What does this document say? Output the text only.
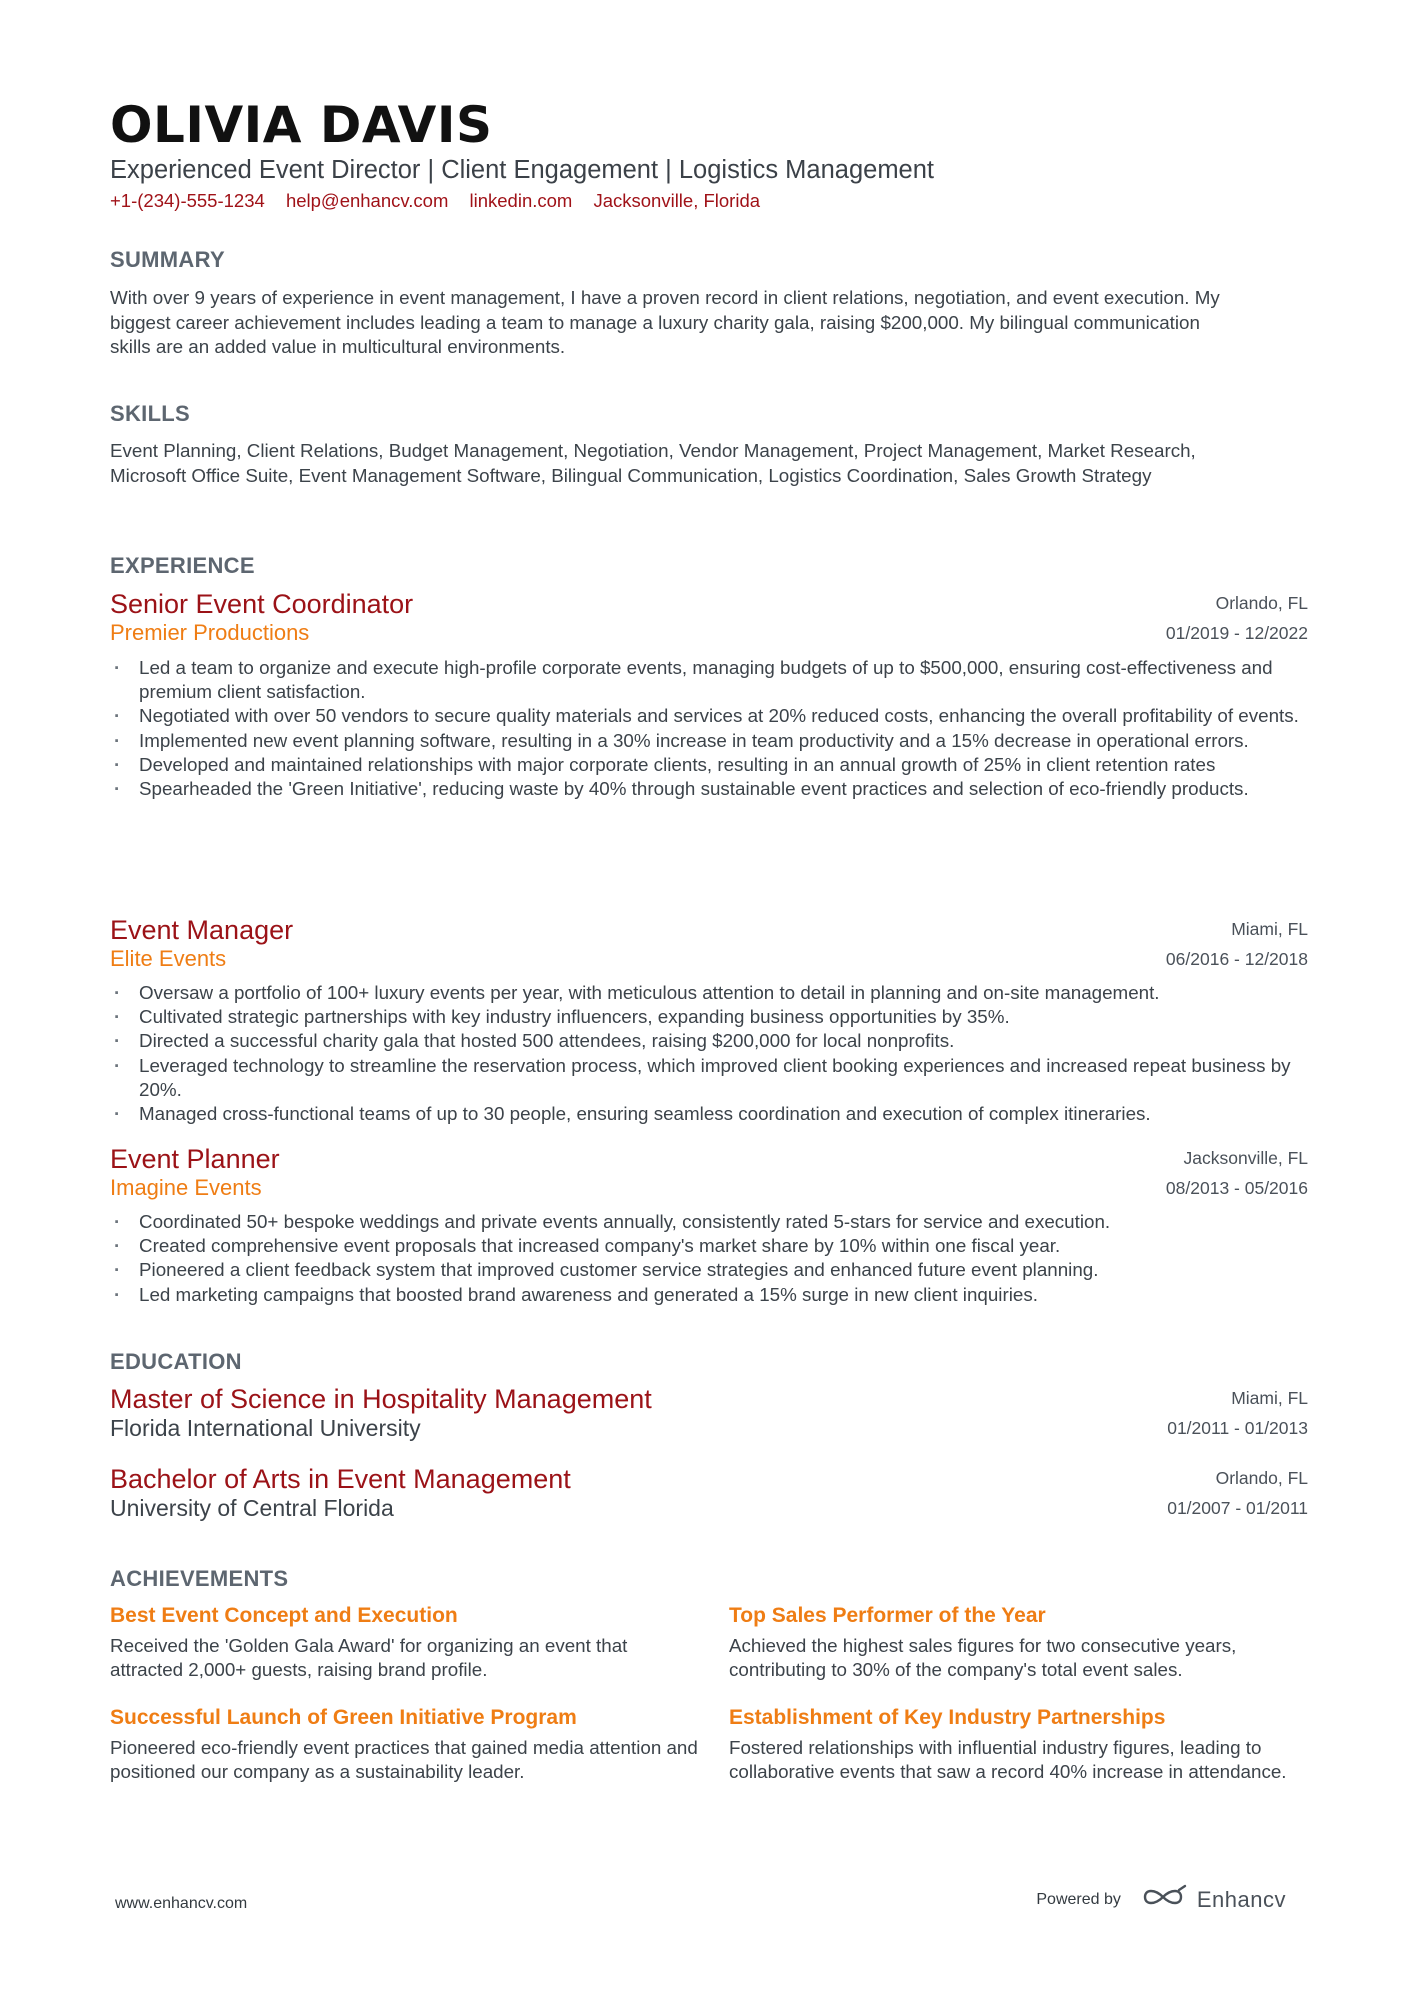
OLIVIA DAVIS
Experienced Event Director | Client Engagement | Logistics Management
+1-(234)-555-1234 help@enhancv.com linkedin.com Jacksonville, Florida
SUMMARY

With over 9 years of experience in event management, I have a proven record in client relations, negotiation, and event execution. My biggest career achievement includes leading a team to manage a luxury charity gala, raising $200,000. My bilingual communication skills are an added value in multicultural environments.

SKILLS

Event Planning, Client Relations, Budget Management, Negotiation, Vendor Management, Project Management, Market Research, Microsoft Office Suite, Event Management Software, Bilingual Communication, Logistics Coordination, Sales Growth Strategy

EXPERIENCE
Senior Event Coordinator
Premier Productions
Orlando, FL
01/2019 - 12/2022
· Led a team to organize and execute high-profile corporate events, managing budgets of up to $500,000, ensuring cost-effectiveness and premium client satisfaction.
· Negotiated with over 50 vendors to secure quality materials and services at 20% reduced costs, enhancing the overall profitability of events.
· Implemented new event planning software, resulting in a 30% increase in team productivity and a 15% decrease in operational errors.
· Developed and maintained relationships with major corporate clients, resulting in an annual growth of 25% in client retention rates
· Spearheaded the 'Green Initiative', reducing waste by 40% through sustainable event practices and selection of eco-friendly products.
Event Manager
Elite Events
Miami, FL
06/2016 - 12/2018
· Oversaw a portfolio of 100+ luxury events per year, with meticulous attention to detail in planning and on-site management.
· Cultivated strategic partnerships with key industry influencers, expanding business opportunities by 35%.
· Directed a successful charity gala that hosted 500 attendees, raising $200,000 for local nonprofits.
· Leveraged technology to streamline the reservation process, which improved client booking experiences and increased repeat business by 20%.
· Managed cross-functional teams of up to 30 people, ensuring seamless coordination and execution of complex itineraries.
Event Planner
Imagine Events
Jacksonville, FL
08/2013 - 05/2016
· Coordinated 50+ bespoke weddings and private events annually, consistently rated 5-stars for service and execution.
· Created comprehensive event proposals that increased company's market share by 10% within one fiscal year.
· Pioneered a client feedback system that improved customer service strategies and enhanced future event planning.
· Led marketing campaigns that boosted brand awareness and generated a 15% surge in new client inquiries.
EDUCATION
Master of Science in Hospitality Management
Florida International University
Miami, FL
01/2011 - 01/2013
Bachelor of Arts in Event Management
University of Central Florida
Orlando, FL
01/2007 - 01/2011
ACHIEVEMENTS
Best Event Concept and Execution
Received the 'Golden Gala Award' for organizing an event that attracted 2,000+ guests, raising brand profile.
Top Sales Performer of the Year
Achieved the highest sales figures for two consecutive years, contributing to 30% of the company's total event sales.
Successful Launch of Green Initiative Program
Pioneered eco-friendly event practices that gained media attention and positioned our company as a sustainability leader.
Establishment of Key Industry Partnerships
Fostered relationships with influential industry figures, leading to collaborative events that saw a record 40% increase in attendance.
www.enhancv.com	Powered by	Enhancv
